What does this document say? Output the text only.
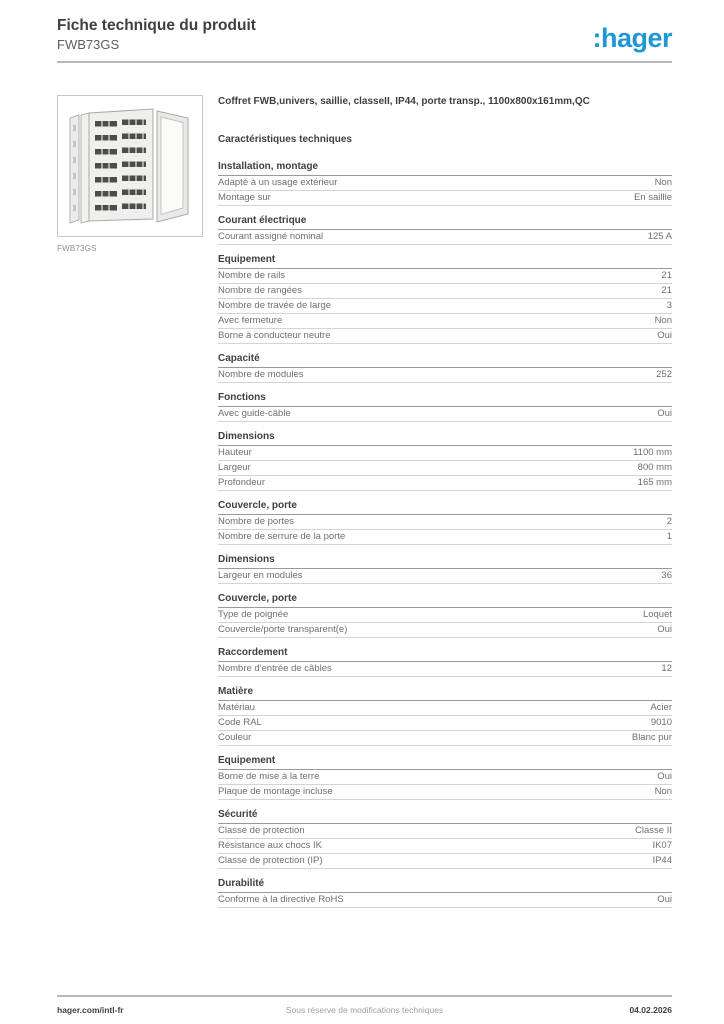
Fiche technique du produit
FWB73GS	:hager
FWB73GS
Coffret FWB,univers, saillie, classeII, IP44, porte transp., 1100x800x161mm,QC
Caractéristiques techniques
Installation, montage
Adapté à un usage extérieur	Non
Montage sur	En saillie
Courant électrique
Courant assigné nominal	125 A
Equipement
Nombre de rails	21
Nombre de rangées	21
Nombre de travée de large	3
Avec fermeture	Non
Borne à conducteur neutre	Oui
Capacité
Nombre de modules	252
Fonctions
Avec guide-câble	Oui
Dimensions
Hauteur	1100 mm
Largeur	800 mm
Profondeur	165 mm
Couvercle, porte
Nombre de portes	2
Nombre de serrure de la porte	1
Dimensions
Largeur en modules	36
Couvercle, porte
Type de poignée	Loquet
Couvercle/porte transparent(e)	Oui
Raccordement
Nombre d'entrée de câbles	12
Matière
Matériau	Acier
Code RAL	9010
Couleur	Blanc pur
Equipement
Borne de mise à la terre	Oui
Plaque de montage incluse	Non
Sécurité
Classe de protection	Classe II
Résistance aux chocs IK	IK07
Classe de protection (IP)	IP44
Durabilité
Conforme à la directive RoHS	Oui
hager.com/intl-fr	Sous réserve de modifications techniques	04.02.2026
